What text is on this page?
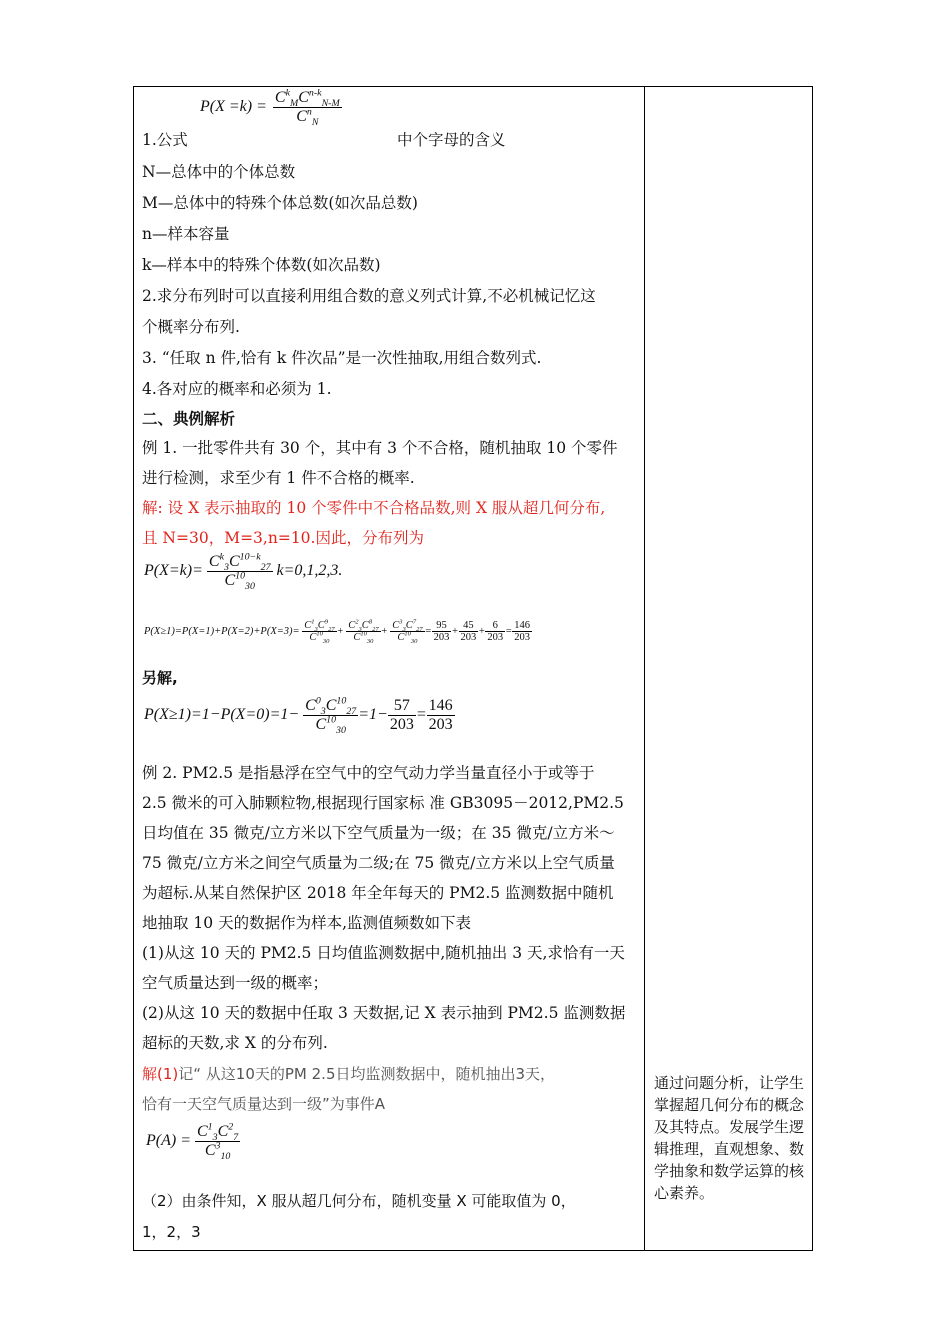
$P(X =k) = \frac{C^k_MC^{n-k}_{N-M}}{C^n_N}$
1.公式	中个字母的含义
N—总体中的个体总数
M—总体中的特殊个体总数(如次品总数)
n—样本容量
k—样本中的特殊个体数(如次品数)
2.求分布列时可以直接利用组合数的意义列式计算,不必机械记忆这
个概率分布列.
3. “任取 n 件,恰有 k 件次品”是一次性抽取,用组合数列式.
4.各对应的概率和必须为 1.
二、典例解析
例 1. 一批零件共有 30 个，其中有 3 个不合格，随机抽取 10 个零件
进行检测，求至少有 1 件不合格的概率.
解: 设 X 表示抽取的 10 个零件中不合格品数,则 X 服从超几何分布,
且 N=30，M=3,n=10.因此，分布列为
$P(X=k)= \frac{C^k_3C^{10-k}_{27}}{C^{10}_{30}} k=0,1,2,3$.
$P(X\ge 1)=P(X=1)+P(X=2)+P(X=3)= \frac{C^1_3C^9_{27}}{C^{10}_{30}} + \frac{C^2_3C^8_{27}}{C^{10}_{30}} + \frac{C^3_3C^7_{27}}{C^{10}_{30}} = \frac{95}{203} + \frac{45}{203} + \frac{6}{203} = \frac{146}{203}$
另解,
$P(X\ge 1)=1-P(X=0)=1- \frac{C^0_3C^{10}_{27}}{C^{10}_{30}} =1- \frac{57}{203} = \frac{146}{203}$
例 2. PM2.5 是指悬浮在空气中的空气动力学当量直径小于或等于
2.5 微米的可入肺颗粒物,根据现行国家标 准 GB3095－2012,PM2.5
日均值在 35 微克/立方米以下空气质量为一级；在 35 微克/立方米～
75 微克/立方米之间空气质量为二级;在 75 微克/立方米以上空气质量
为超标.从某自然保护区 2018 年全年每天的 PM2.5 监测数据中随机
地抽取 10 天的数据作为样本,监测值频数如下表
(1)从这 10 天的 PM2.5 日均值监测数据中,随机抽出 3 天,求恰有一天
空气质量达到一级的概率；
(2)从这 10 天的数据中任取 3 天数据,记 X 表示抽到 PM2.5 监测数据
超标的天数,求 X 的分布列.
解(1)记“ 从这10天的PM 2.5日均监测数据中，随机抽出3天，
恰有一天空气质量达到一级”为事件A
$P(A) = \frac{C^1_3C^2_7}{C^3_{10}}$
（2）由条件知，X 服从超几何分布，随机变量 X 可能取值为 0，
1，2，3
通过问题分析，让学生掌握超几何分布的概念及其特点。发展学生逻辑推理，直观想象、数学抽象和数学运算的核心素养。
